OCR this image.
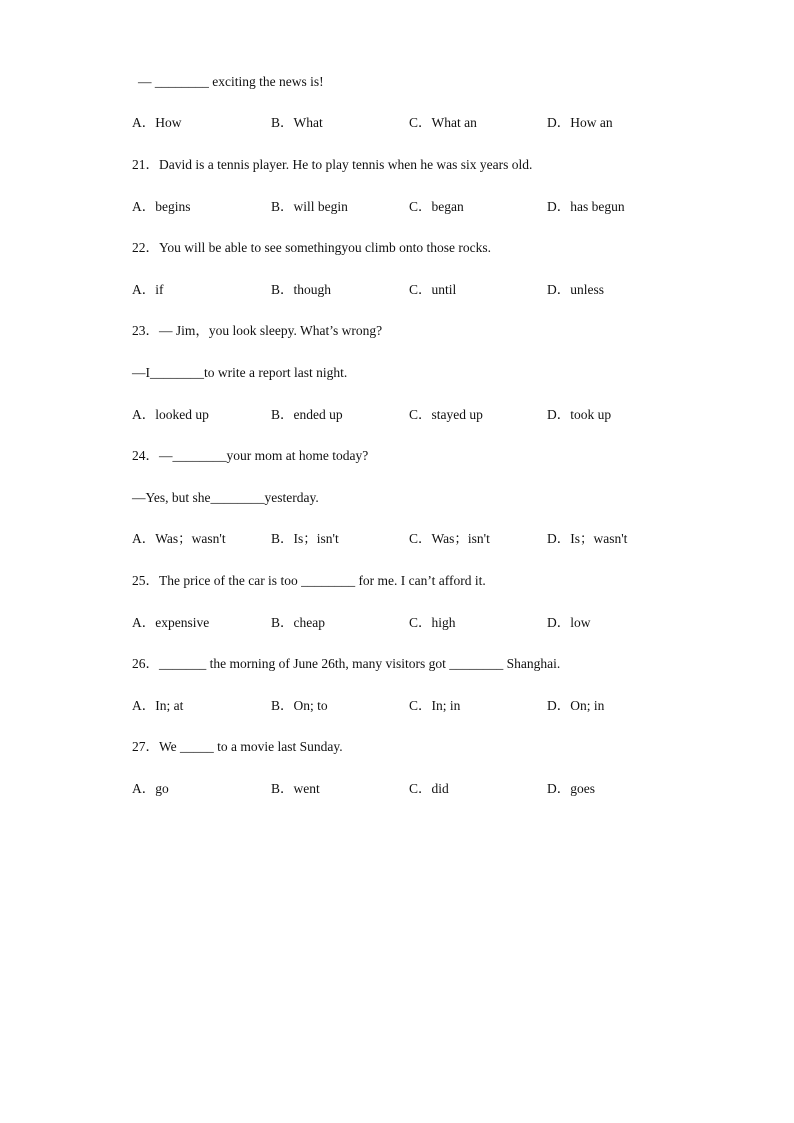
— ________ exciting the news is!
A．How	B．What	C．What an	D．How an
21．David is a tennis player. He to play tennis when he was six years old.
A．begins	B．will begin	C．began	D．has begun
22．You will be able to see somethingyou climb onto those rocks.
A．if	B．though	C．until	D．unless
23．— Jim，you look sleepy. What’s wrong?
—I________to write a report last night.
A．looked up	B．ended up	C．stayed up	D．took up
24．—________your mom at home today?
—Yes, but she________yesterday.
A．Was；wasn't	B．Is；isn't	C．Was；isn't	D．Is；wasn't
25．The price of the car is too ________ for me. I can’t afford it.
A．expensive	B．cheap	C．high	D．low
26．_______ the morning of June 26th, many visitors got ________ Shanghai.
A．In; at	B．On; to	C．In; in	D．On; in
27．We _____ to a movie last Sunday.
A．go	B．went	C．did	D．goes
